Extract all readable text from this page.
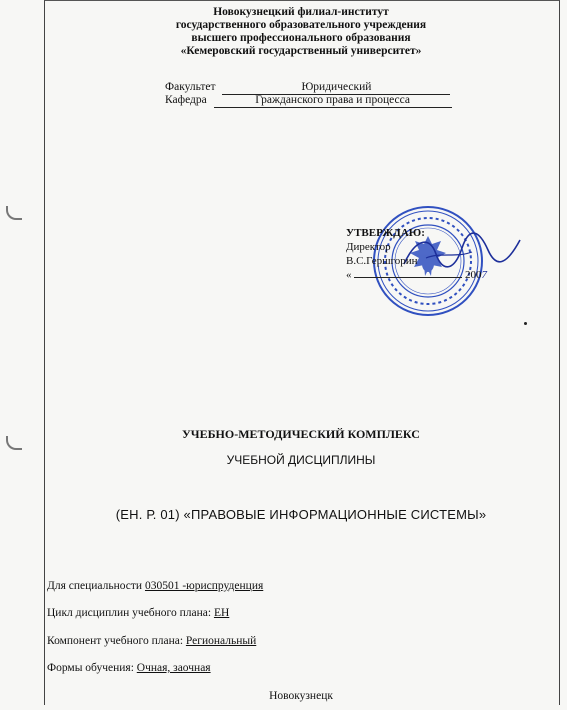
Новокузнецкий филиал-институт
государственного образовательного учреждения
высшего профессионального образования
«Кемеровский государственный университет»
Факультет	Юридический
Кафедра	Гражданского права и процесса
УТВЕРЖДАЮ:
Директор
В.С.Гершгорин
«	2007
УЧЕБНО-МЕТОДИЧЕСКИЙ КОМПЛЕКС
УЧЕБНОЙ ДИСЦИПЛИНЫ
(ЕН. Р. 01) «ПРАВОВЫЕ ИНФОРМАЦИОННЫЕ СИСТЕМЫ»
Для специальности 030501 -юриспруденция
Цикл дисциплин учебного плана: ЕН
Компонент учебного плана: Региональный
Формы обучения: Очная, заочная
Новокузнецк
